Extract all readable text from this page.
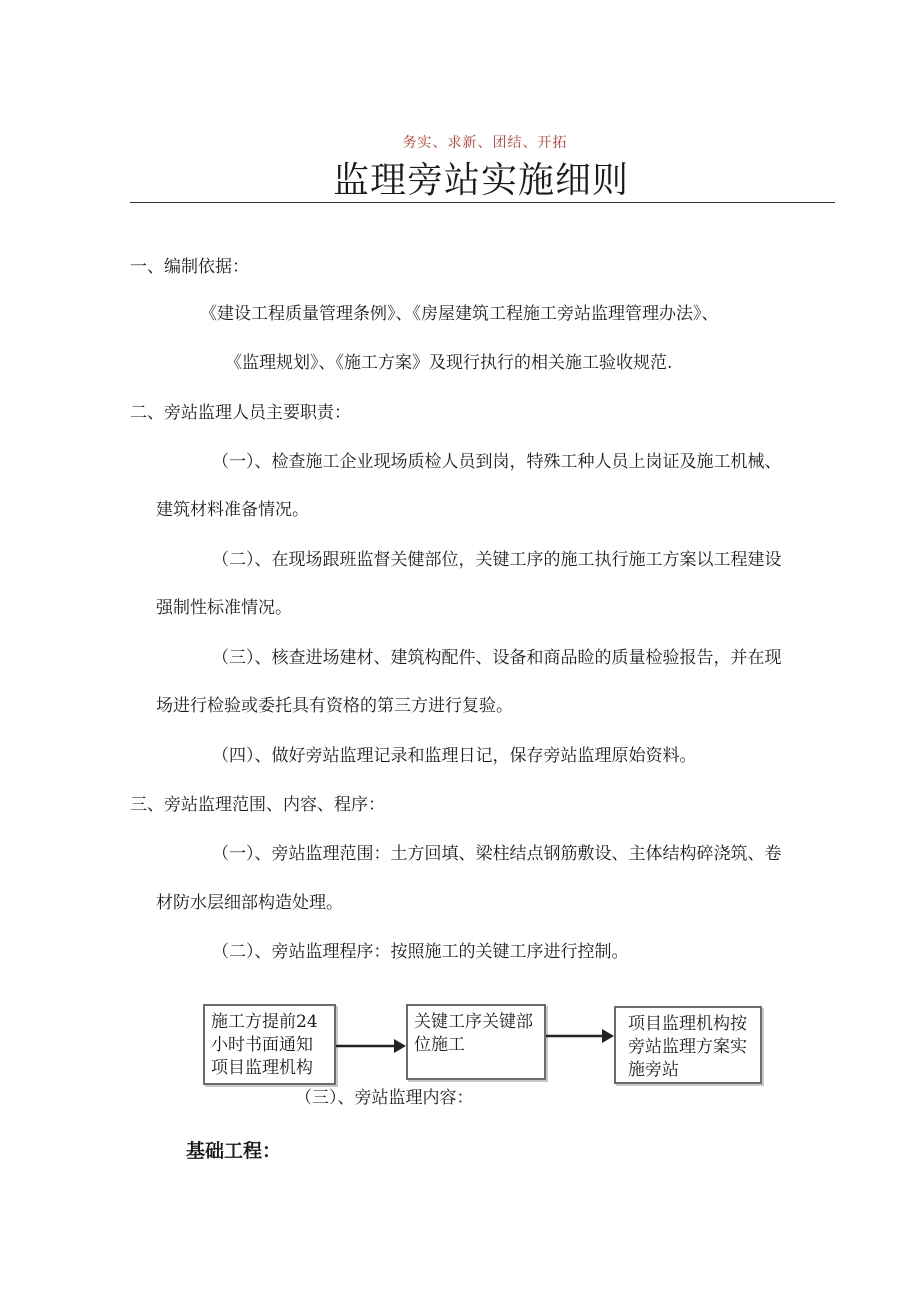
务实、求新、团结、开拓
监理旁站实施细则
一、编制依据：
《建设工程质量管理条例》、《房屋建筑工程施工旁站监理管理办法》、
《监理规划》、《施工方案》及现行执行的相关施工验收规范.
二、旁站监理人员主要职责：
（一）、检查施工企业现场质检人员到岗，特殊工种人员上岗证及施工机械、
建筑材料准备情况。
（二）、在现场跟班监督关健部位，关键工序的施工执行施工方案以工程建设
强制性标准情况。
（三）、核查进场建材、建筑构配件、设备和商品睑的质量检验报告，并在现
场进行检验或委托具有资格的第三方进行复验。
（四）、做好旁站监理记录和监理日记，保存旁站监理原始资料。
三、旁站监理范围、内容、程序：
（一）、旁站监理范围：土方回填、梁柱结点钢筋敷设、主体结构碎浇筑、卷
材防水层细部构造处理。
（二）、旁站监理程序：按照施工的关键工序进行控制。
施工方提前24小时书面通知项目监理机构
关键工序关键部位施工
项目监理机构按旁站监理方案实施旁站
（三）、旁站监理内容：
基础工程：
